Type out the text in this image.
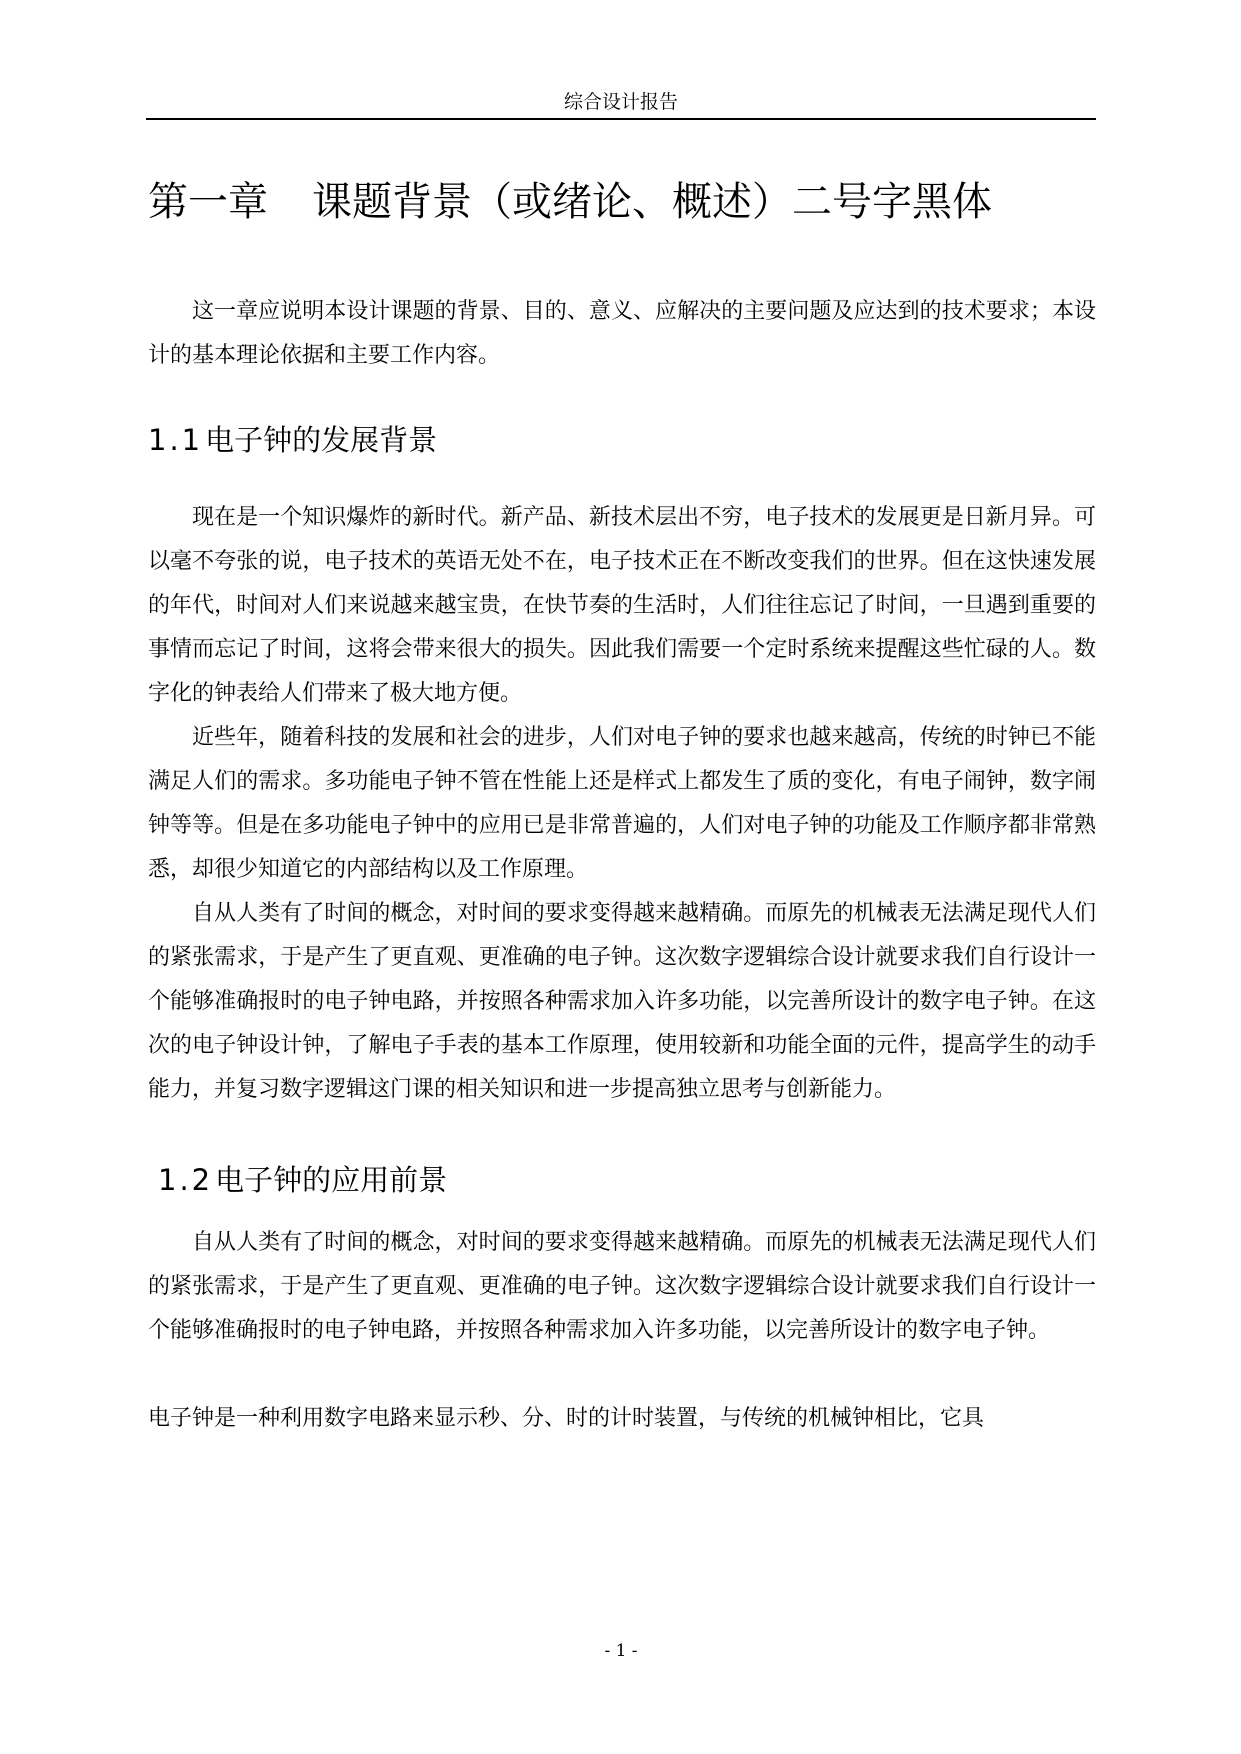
综合设计报告
第一章 课题背景（或绪论、概述）二号字黑体

这一章应说明本设计课题的背景、目的、意义、应解决的主要问题及应达到的技术要求；本设计的基本理论依据和主要工作内容。

1.1电子钟的发展背景

现在是一个知识爆炸的新时代。新产品、新技术层出不穷，电子技术的发展更是日新月异。可以毫不夸张的说，电子技术的英语无处不在，电子技术正在不断改变我们的世界。但在这快速发展的年代，时间对人们来说越来越宝贵，在快节奏的生活时，人们往往忘记了时间，一旦遇到重要的事情而忘记了时间，这将会带来很大的损失。因此我们需要一个定时系统来提醒这些忙碌的人。数字化的钟表给人们带来了极大地方便。

近些年，随着科技的发展和社会的进步，人们对电子钟的要求也越来越高，传统的时钟已不能满足人们的需求。多功能电子钟不管在性能上还是样式上都发生了质的变化，有电子闹钟，数字闹钟等等。但是在多功能电子钟中的应用已是非常普遍的，人们对电子钟的功能及工作顺序都非常熟悉，却很少知道它的内部结构以及工作原理。

自从人类有了时间的概念，对时间的要求变得越来越精确。而原先的机械表无法满足现代人们的紧张需求，于是产生了更直观、更准确的电子钟。这次数字逻辑综合设计就要求我们自行设计一个能够准确报时的电子钟电路，并按照各种需求加入许多功能，以完善所设计的数字电子钟。在这次的电子钟设计钟，了解电子手表的基本工作原理，使用较新和功能全面的元件，提高学生的动手能力，并复习数字逻辑这门课的相关知识和进一步提高独立思考与创新能力。

1.2电子钟的应用前景

自从人类有了时间的概念，对时间的要求变得越来越精确。而原先的机械表无法满足现代人们的紧张需求，于是产生了更直观、更准确的电子钟。这次数字逻辑综合设计就要求我们自行设计一个能够准确报时的电子钟电路，并按照各种需求加入许多功能，以完善所设计的数字电子钟。

电子钟是一种利用数字电路来显示秒、分、时的计时装置，与传统的机械钟相比，它具

- 1 -
